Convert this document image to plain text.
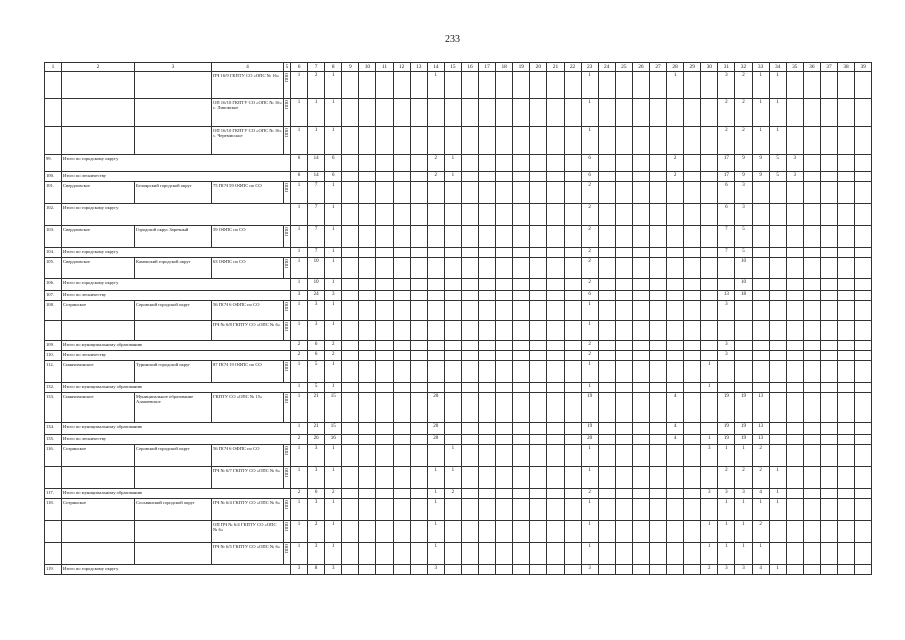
233
1	2	3	4	5	6	7	8	9	10	11	12	13	14	15	16	17	18	19	20	21	22	23	24	25	26	27	28	29	30	31	32	33	34	35	36	37	38	39
			ПЧ 16/9 ГКПТУ СО «ОПС № 16»	ППО	1	2	1						1									1					1			3	2	1	1					
			ОП 16/10 ГКПТУ СО «ОПС № 16» с. Липовское	ППО	1	1	1															1								2	2	1	1					
			ОП 16/10 ГКПТУ СО «ОПС № 16» с. Черемисское	ППО	1	1	1															1								2	2	1	1					
99.	Итого по городскому округу				6	14	6						2	1								6					2			17	9	9	5	3				
100.	Итого по лесничеству				6	14	6						2	1								6					2			17	9	9	5	3				
101.	Свердловское	Белоярский городской округ	75 ПСЧ 59 ОФПС по СО	ППО	1	7	1															2								6	3							
102.	Итого по городскому округу				1	7	1															2								6	3							
103.	Свердловское	Городской округ Заречный	59 ОФПС по СО	ППО	1	7	1															2								7	5							
104.	Итого по городскому округу				1	7	1															2								7	5							
105.	Свердловское	Каменский городской округ	63 ОФПС по СО	ППО	1	10	1															2									10							
106.	Итого по городскому округу				1	10	1															2									10							
107.	Итого по лесничеству				3	24	3															6								13	18							
108.	Сотринское	Серовский городской округ	56 ПСЧ 6 ОФПС по СО	ППО	1	3	1															1								3								
			ПЧ № 6/8 ГКПТУ СО «ОПС № 6»	ППО	1	3	1															1																
109.	Итого по муниципальному образованию				2	6	2															2								3								
110.	Итого по лесничеству				2	6	2															2								3								
112.	Синячихинское	Туринский городской округ	87 ПСЧ 19 ОФПС по СО	ППО	1	5	1															1							1									
132.	Итого по муниципальному образованию				1	5	1															1							1									
133.	Синячихинское	Муниципальное образование Алапаевское	ГКПТУ СО «ОПС № 15»	ППО	1	21	15						20									19					4			19	19	13						
134.	Итого по муниципальному образованию				1	21	15						20									19					4			19	19	13						
135.	Итого по лесничеству				2	26	16						20									20					4		1	19	19	13						
116.	Сотринское	Серовский городской округ	56 ПСЧ 6 ОФПС по СО	ППО	1	3	1							1								1							3	1	1	2						
			ПЧ № 6/7 ГКПТУ СО «ОПС № 6»	ППО	1	3	1						1	1								1								2	2	2	1					
117.	Итого по муниципальному образованию				2	6	2						1	2								2							3	3	3	4	1					
118.	Сотринское	Сосьвинский городской округ	ПЧ № 6/4 ГКПТУ СО «ОПС № 6»	ППО	1	3	1						1									1								1	1	1	1					
			ОП ПЧ № 6/4 ГКПТУ СО «ОПС № 6»	ППО	1	2	1						1									1							1	1	1	2						
			ПЧ № 6/5 ГКПТУ СО «ОПС № 6»	ППО	1	3	1						1									1							1	1	1	1						
119.	Итого по городскому округу				3	8	3						3									3							2	3	3	4	1					
